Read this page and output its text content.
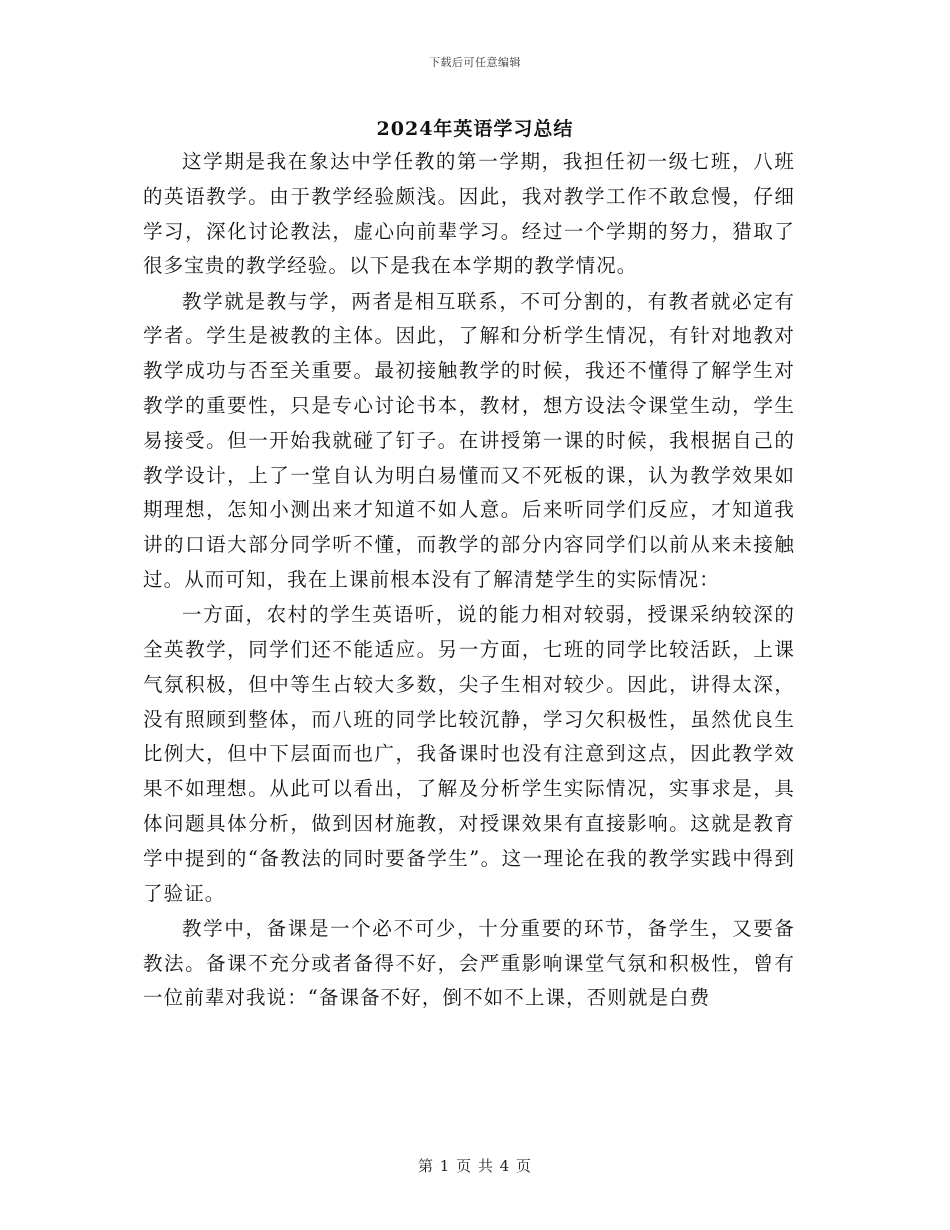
下载后可任意编辑
2024年英语学习总结

这学期是我在象达中学任教的第一学期，我担任初一级七班，八班的英语教学。由于教学经验颇浅。因此，我对教学工作不敢怠慢，仔细学习，深化讨论教法，虚心向前辈学习。经过一个学期的努力，猎取了很多宝贵的教学经验。以下是我在本学期的教学情况。

教学就是教与学，两者是相互联系，不可分割的，有教者就必定有学者。学生是被教的主体。因此，了解和分析学生情况，有针对地教对教学成功与否至关重要。最初接触教学的时候，我还不懂得了解学生对教学的重要性，只是专心讨论书本，教材，想方设法令课堂生动，学生易接受。但一开始我就碰了钉子。在讲授第一课的时候，我根据自己的教学设计，上了一堂自认为明白易懂而又不死板的课，认为教学效果如期理想，怎知小测出来才知道不如人意。后来听同学们反应，才知道我讲的口语大部分同学听不懂，而教学的部分内容同学们以前从来未接触过。从而可知，我在上课前根本没有了解清楚学生的实际情况：

一方面，农村的学生英语听，说的能力相对较弱，授课采纳较深的全英教学，同学们还不能适应。另一方面，七班的同学比较活跃，上课气氛积极，但中等生占较大多数，尖子生相对较少。因此，讲得太深，没有照顾到整体，而八班的同学比较沉静，学习欠积极性，虽然优良生比例大，但中下层面而也广，我备课时也没有注意到这点，因此教学效果不如理想。从此可以看出，了解及分析学生实际情况，实事求是，具体问题具体分析，做到因材施教，对授课效果有直接影响。这就是教育学中提到的“备教法的同时要备学生”。这一理论在我的教学实践中得到了验证。

教学中，备课是一个必不可少，十分重要的环节，备学生，又要备教法。备课不充分或者备得不好，会严重影响课堂气氛和积极性，曾有一位前辈对我说：“备课备不好，倒不如不上课，否则就是白费

第 1 页 共 4 页
